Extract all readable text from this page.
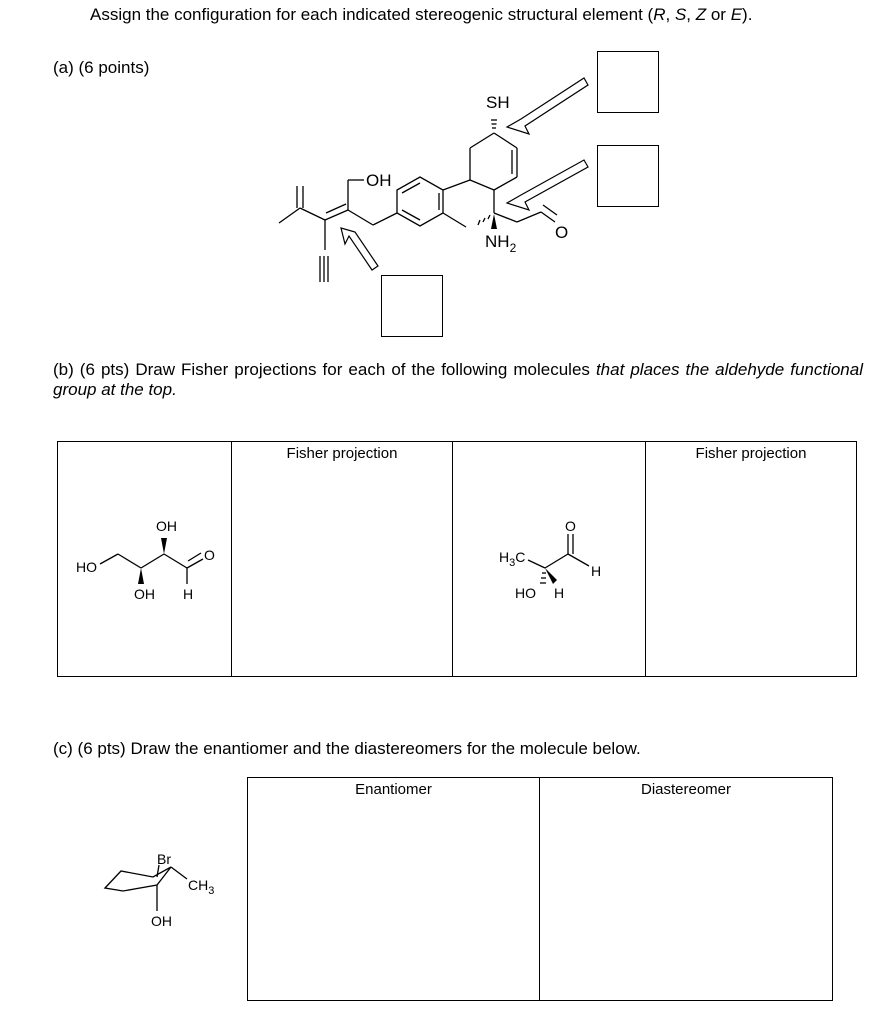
Assign the configuration for each indicated stereogenic structural element (R, S, Z or E).
(a) (6 points)
SH
OH
$NH_2$
O
(b) (6 pts) Draw Fisher projections for each of the following molecules that places the aldehyde functional group at the top.
HO
OH
OH H
O

Fisher projection

$H_3C$
O
H
HO H

Fisher projection
(c) (6 pts) Draw the enantiomer and the diastereomers for the molecule below.
Br
$CH_3$
OH
Enantiomer	Diastereomer
